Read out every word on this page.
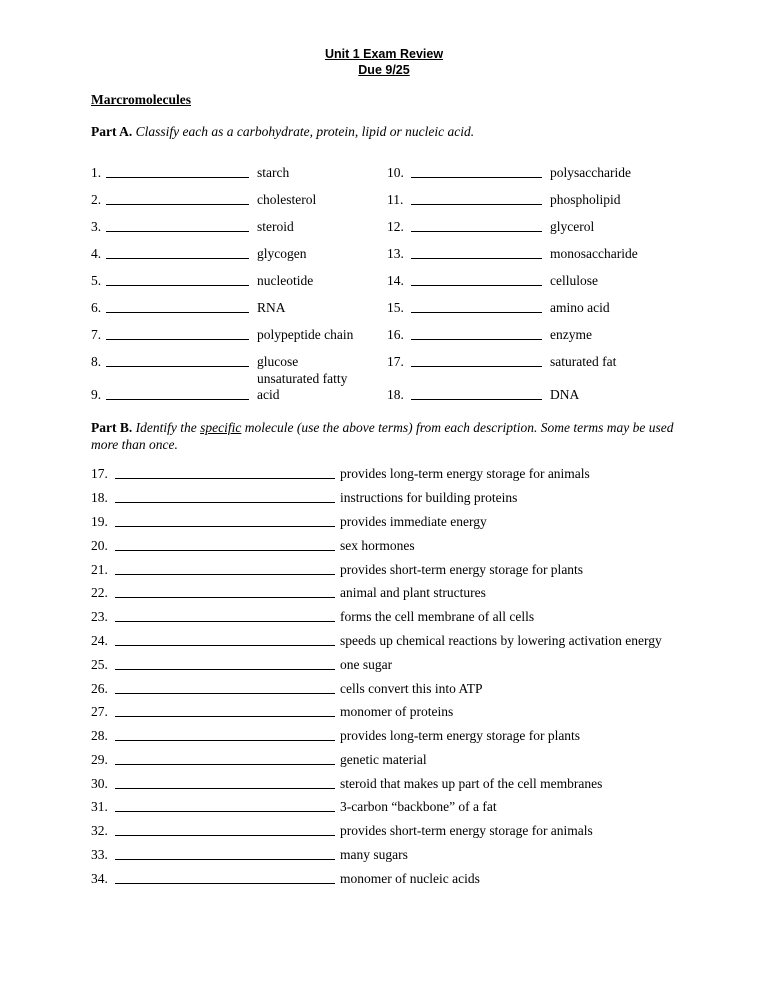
Unit 1 Exam Review
Due 9/25
Marcromolecules
Part A. Classify each as a carbohydrate, protein, lipid or nucleic acid.
1.	starch
2.	cholesterol
3.	steroid
4.	glycogen
5.	nucleotide
6.	RNA
7.	polypeptide chain
8.	glucose
9.
unsaturated fatty
acid
10.	polysaccharide
11.	phospholipid
12.	glycerol
13.	monosaccharide
14.	cellulose
15.	amino acid
16.	enzyme
17.	saturated fat
18.	DNA
Part B. Identify the specific molecule (use the above terms) from each description. Some terms may be used more than once.
17.	provides long-term energy storage for animals
18.	instructions for building proteins
19.	provides immediate energy
20.	sex hormones
21.	provides short-term energy storage for plants
22.	animal and plant structures
23.	forms the cell membrane of all cells
24.	speeds up chemical reactions by lowering activation energy
25.	one sugar
26.	cells convert this into ATP
27.	monomer of proteins
28.	provides long-term energy storage for plants
29.	genetic material
30.	steroid that makes up part of the cell membranes
31.	3-carbon “backbone” of a fat
32.	provides short-term energy storage for animals
33.	many sugars
34.	monomer of nucleic acids
